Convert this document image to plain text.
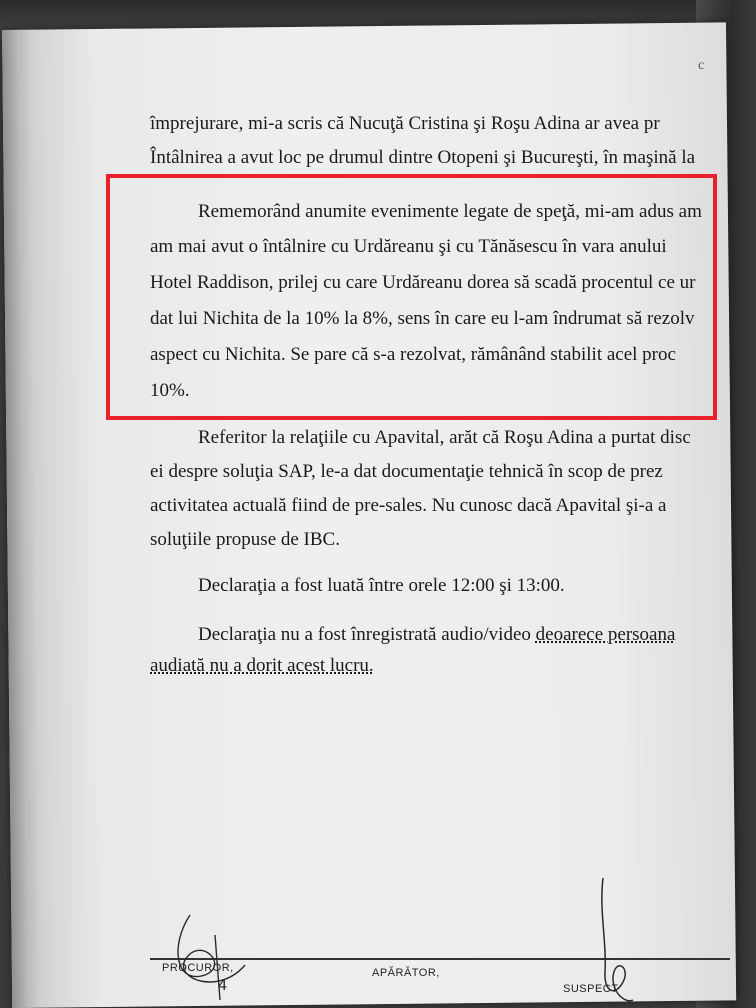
c
împrejurare, mi-a scris că Nucuţă Cristina şi Roşu Adina ar avea pr
Întâlnirea a avut loc pe drumul dintre Otopeni şi Bucureşti, în maşină la
Rememorând anumite evenimente legate de speţă, mi-am adus am
am mai avut o întâlnire cu Urdăreanu şi cu Tănăsescu în vara anului
Hotel Raddison, prilej cu care Urdăreanu dorea să scadă procentul ce ur
dat lui Nichita de la 10% la 8%, sens în care eu l-am îndrumat să rezolv
aspect cu Nichita. Se pare că s-a rezolvat, rămânând stabilit acel proc
10%.
Referitor la relaţiile cu Apavital, arăt că Roşu Adina a purtat disc
ei despre soluţia SAP, le-a dat documentaţie tehnică în scop de prez
activitatea actuală fiind de pre-sales. Nu cunosc dacă Apavital şi-a a
soluţiile propuse de IBC.
Declaraţia a fost luată între orele 12:00 şi 13:00.
Declaraţia nu a fost înregistrată audio/video deoarece persoana
audiată nu a dorit acest lucru.
PROCUROR,	APĂRĂTOR,
SUSPECT
4
